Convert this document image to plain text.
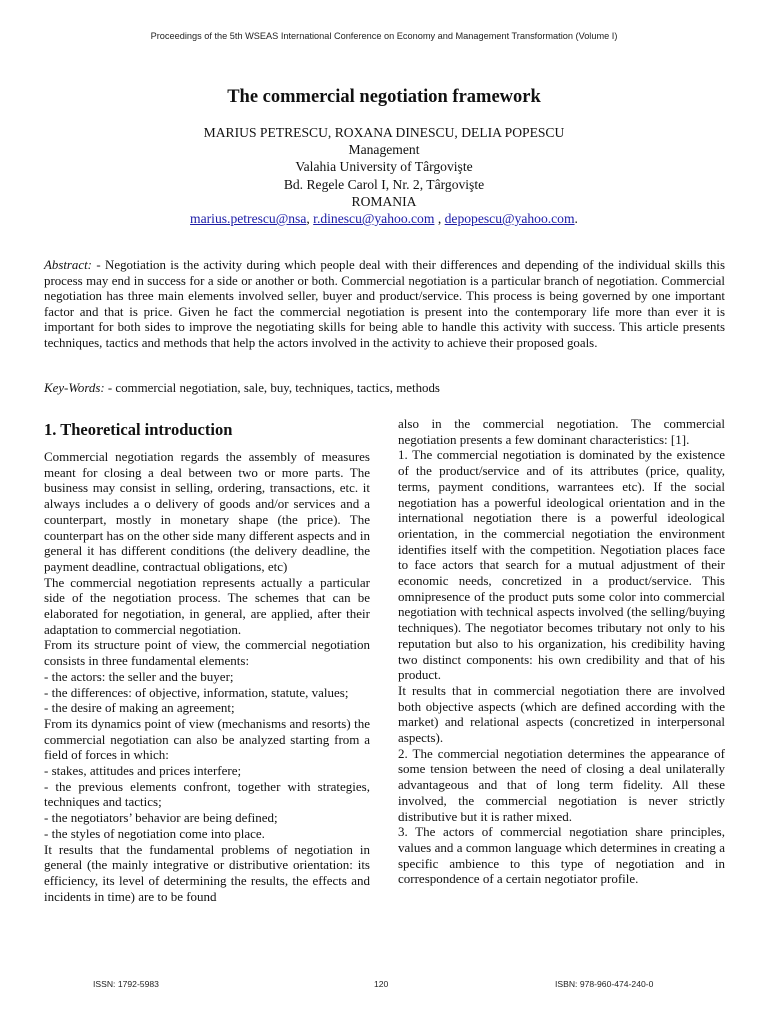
Proceedings of the 5th WSEAS International Conference on Economy and Management Transformation (Volume I)
The commercial negotiation framework
MARIUS PETRESCU, ROXANA DINESCU, DELIA POPESCU
Management
Valahia University of Târgovişte
Bd. Regele Carol I, Nr. 2, Târgovişte
ROMANIA
marius.petrescu@nsa, r.dinescu@yahoo.com , depopescu@yahoo.com.
Abstract: - Negotiation is the activity during which people deal with their differences and depending of the individual skills this process may end in success for a side or another or both. Commercial negotiation is a particular branch of negotiation. Commercial negotiation has three main elements involved seller, buyer and product/service. This process is being governed by one important factor and that is price. Given he fact the commercial negotiation is present into the contemporary life more than ever it is important for both sides to improve the negotiating skills for being able to handle this activity with success. This article presents techniques, tactics and methods that help the actors involved in the activity to achieve their proposed goals.
Key-Words: - commercial negotiation, sale, buy, techniques, tactics, methods
1. Theoretical introduction

Commercial negotiation regards the assembly of measures meant for closing a deal between two or more parts. The business may consist in selling, ordering, transactions, etc. it always includes a o delivery of goods and/or services and a counterpart, mostly in monetary shape (the price). The counterpart has on the other side many different aspects and in general it has different conditions (the delivery deadline, the payment deadline, contractual obligations, etc)

The commercial negotiation represents actually a particular side of the negotiation process. The schemes that can be elaborated for negotiation, in general, are applied, after their adaptation to commercial negotiation.

From its structure point of view, the commercial negotiation consists in three fundamental elements:

- the actors: the seller and the buyer;

- the differences: of objective, information, statute, values;

- the desire of making an agreement;

From its dynamics point of view (mechanisms and resorts) the commercial negotiation can also be analyzed starting from a field of forces in which:

- stakes, attitudes and prices interfere;

- the previous elements confront, together with strategies, techniques and tactics;

- the negotiators’ behavior are being defined;

- the styles of negotiation come into place.

It results that the fundamental problems of negotiation in general (the mainly integrative or distributive orientation: its efficiency, its level of determining the results, the effects and incidents in time) are to be found

also in the commercial negotiation. The commercial negotiation presents a few dominant characteristics: [1].

1. The commercial negotiation is dominated by the existence of the product/service and of its attributes (price, quality, terms, payment conditions, warrantees etc). If the social negotiation has a powerful ideological orientation and in the international negotiation there is a powerful ideological orientation, in the commercial negotiation the environment identifies itself with the competition. Negotiation places face to face actors that search for a mutual adjustment of their economic needs, concretized in a product/service. This omnipresence of the product puts some color into commercial negotiation with technical aspects involved (the selling/buying techniques). The negotiator becomes tributary not only to his reputation but also to his organization, his credibility having two distinct components: his own credibility and that of his product.

It results that in commercial negotiation there are involved both objective aspects (which are defined according with the market) and relational aspects (concretized in interpersonal aspects).

2. The commercial negotiation determines the appearance of some tension between the need of closing a deal unilaterally advantageous and that of long term fidelity. All these involved, the commercial negotiation is never strictly distributive but it is rather mixed.

3. The actors of commercial negotiation share principles, values and a common language which determines in creating a specific ambience to this type of negotiation and in correspondence of a certain negotiator profile.

ISSN: 1792-5983	120	ISBN: 978-960-474-240-0
